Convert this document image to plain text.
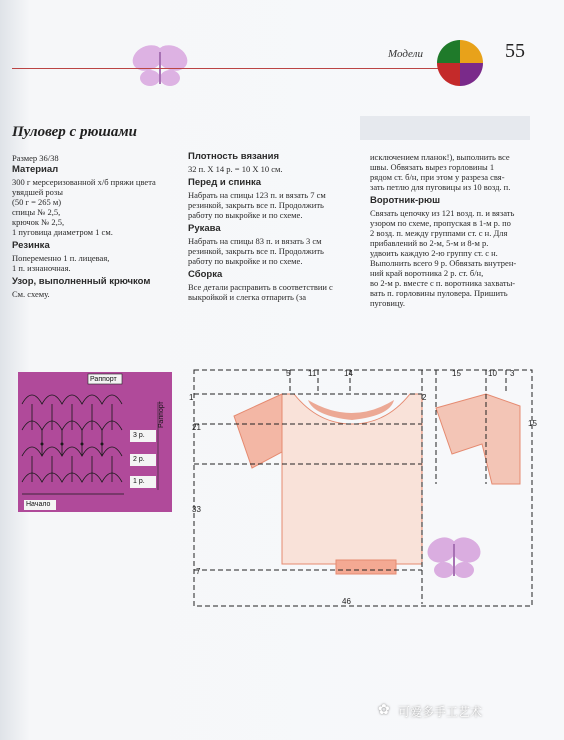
Модели	55
Пуловер с рюшами
Размер 36/38
Материал

300 г мерсеризованной х/б пряжи цвета
увядшей розы
(50 г = 265 м)
спицы № 2,5,
крючок № 2,5,
1 пуговица диаметром 1 см.

Резинка

Попеременно 1 п. лицевая,
1 п. изнаночная.

Узор, выполненный крючком

См. схему.

Плотность вязания

32 п. Х 14 р. = 10 Х 10 см.

Перед и спинка

Набрать на спицы 123 п. и вязать 7 см
резинкой, закрыть все п. Продолжить
работу по выкройке и по схеме.

Рукава

Набрать на спицы 83 п. и вязать 3 см
резинкой, закрыть все п. Продолжить
работу по выкройке и по схеме.

Сборка

Все детали расправить в соответствии с
выкройкой и слегка отпарить (за

исключением планок!), выполнить все
швы. Обвязать вырез горловины 1
рядом ст. б/н, при этом у разреза свя-
зать петлю для пуговицы из 10 возд. п.

Воротник-рюш

Связать цепочку из 121 возд. п. и вязать
узором по схеме, пропуская в 1-м р. по
2 возд. п. между группами ст. с н. Для
прибавлений во 2-м, 5-м и 8-м р.
удвоить каждую 2-ю группу ст. с н.
Выполнить всего 9 р. Обвязать внутрен-
ний край воротника 2 р. ст. б/н,
во 2-м р. вместе с п. воротника захваты-
вать п. горловины пуловера. Пришить
пуговицу.

Раппорт
Раппорт
3 р.
2 р.
1 р.
Начало
5 11	14
1	2
21
33
7
46
15	10 3
15
✿ 可爱多手工艺术
